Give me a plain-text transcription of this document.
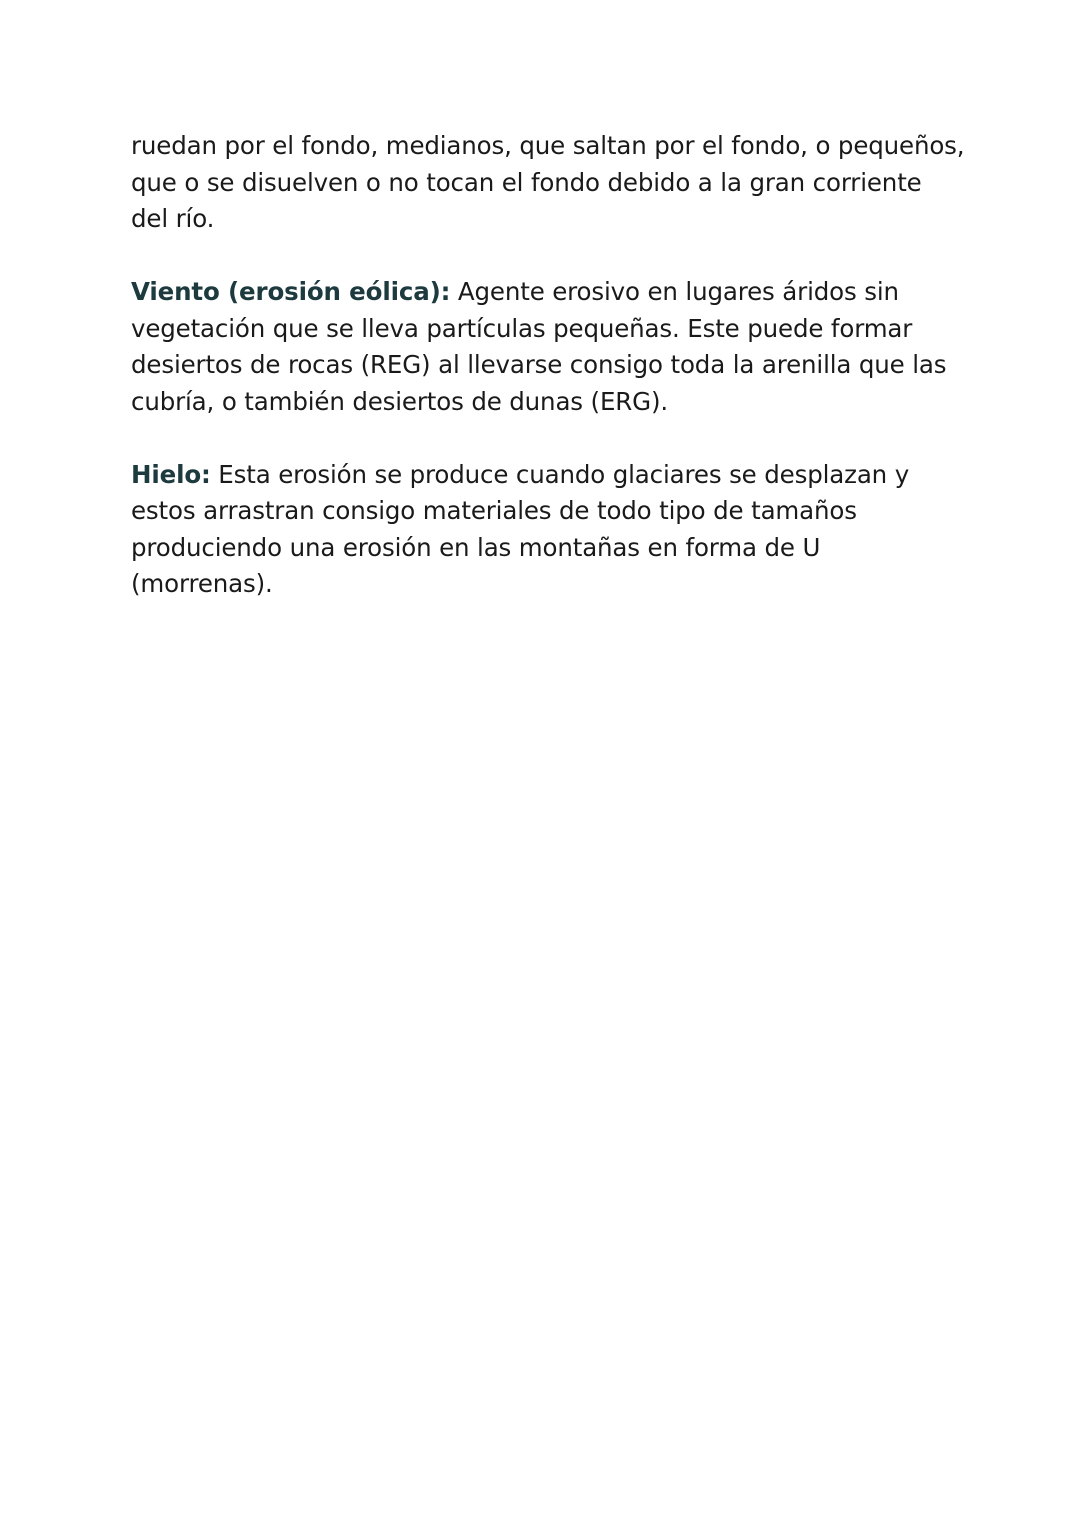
ruedan por el fondo, medianos, que saltan por el fondo, o pequeños,
que o se disuelven o no tocan el fondo debido a la gran corriente
del río.

Viento (erosión eólica): Agente erosivo en lugares áridos sin
vegetación que se lleva partículas pequeñas. Este puede formar
desiertos de rocas (REG) al llevarse consigo toda la arenilla que las
cubría, o también desiertos de dunas (ERG).

Hielo: Esta erosión se produce cuando glaciares se desplazan y
estos arrastran consigo materiales de todo tipo de tamaños
produciendo una erosión en las montañas en forma de U
(morrenas).
